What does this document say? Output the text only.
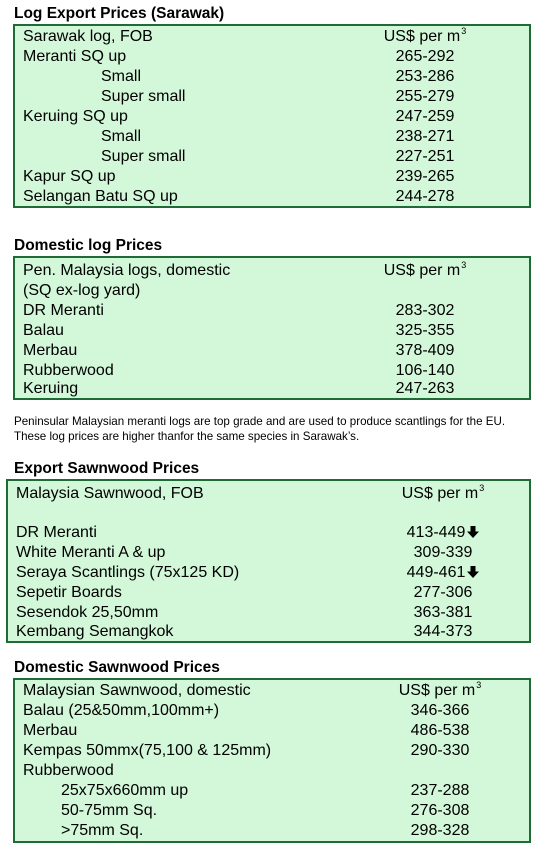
Log Export Prices (Sarawak)
Sarawak log, FOB	US$ per $m^3$
Meranti SQ up	265-292
Small	253-286
Super small	255-279
Keruing SQ up	247-259
Small	238-271
Super small	227-251
Kapur SQ up	239-265
Selangan Batu SQ up	244-278
Domestic log Prices
Pen. Malaysia logs, domestic	US$ per $m^3$
(SQ ex-log yard)
DR Meranti	283-302
Balau	325-355
Merbau	378-409
Rubberwood	106-140
Keruing	247-263
Peninsular Malaysian meranti logs are top grade and are used to produce scantlings for the EU. These log prices are higher thanfor the same species in Sarawak’s.
Export Sawnwood Prices
Malaysia Sawnwood, FOB	US$ per $m^3$
DR Meranti	413-449
White Meranti A & up	309-339
Seraya Scantlings (75x125 KD)	449-461
Sepetir Boards	277-306
Sesendok 25,50mm	363-381
Kembang Semangkok	344-373
Domestic Sawnwood Prices
Malaysian Sawnwood, domestic	US$ per $m^3$
Balau (25&50mm,100mm+)	346-366
Merbau	486-538
Kempas 50mmx(75,100 & 125mm)	290-330
Rubberwood
25x75x660mm up	237-288
50-75mm Sq.	276-308
>75mm Sq.	298-328
